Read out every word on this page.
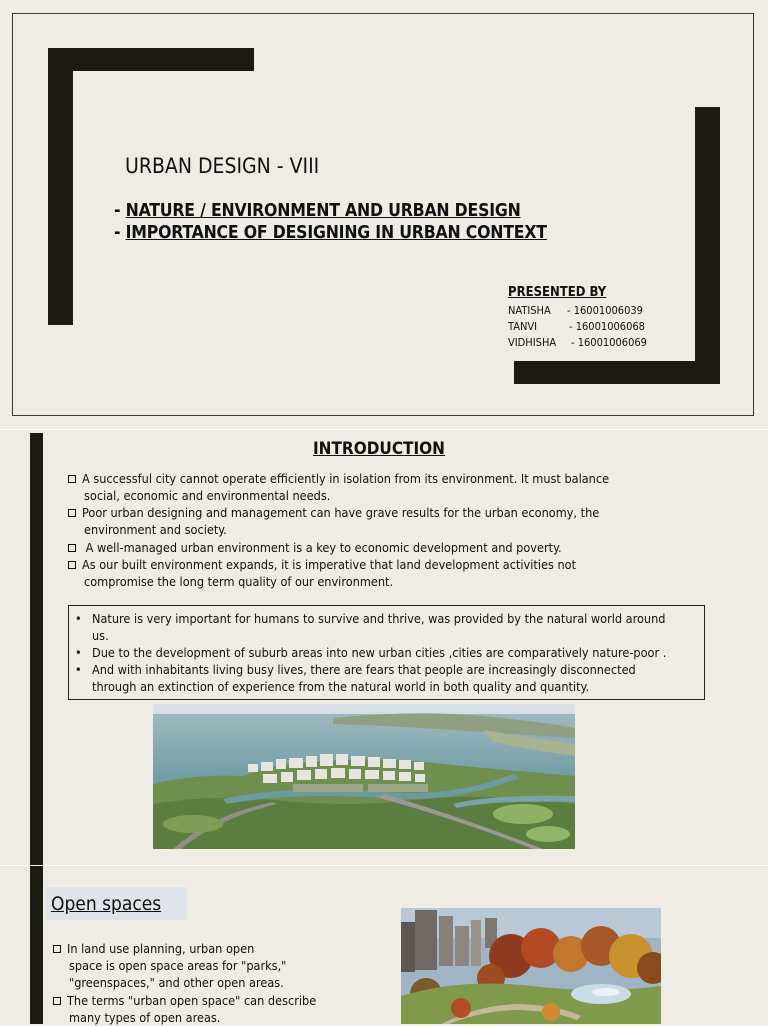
URBAN DESIGN - VIII
- NATURE / ENVIRONMENT AND URBAN DESIGN
- IMPORTANCE OF DESIGNING IN URBAN CONTEXT
PRESENTED BY
NATISHA - 16001006039
TANVI	- 16001006068
VIDHISHA - 16001006069
INTRODUCTION
A successful city cannot operate efficiently in isolation from its environment. It must balance
social, economic and environmental needs.
Poor urban designing and management can have grave results for the urban economy, the
environment and society.
A well-managed urban environment is a key to economic development and poverty.
As our built environment expands, it is imperative that land development activities not
compromise the long term quality of our environment.
• Nature is very important for humans to survive and thrive, was provided by the natural world around
us.
• Due to the development of suburb areas into new urban cities ,cities are comparatively nature-poor .
• And with inhabitants living busy lives, there are fears that people are increasingly disconnected
through an extinction of experience from the natural world in both quality and quantity.
Open spaces
In land use planning, urban open
space is open space areas for "parks,"
"greenspaces," and other open areas.
The terms "urban open space" can describe
many types of open areas.
